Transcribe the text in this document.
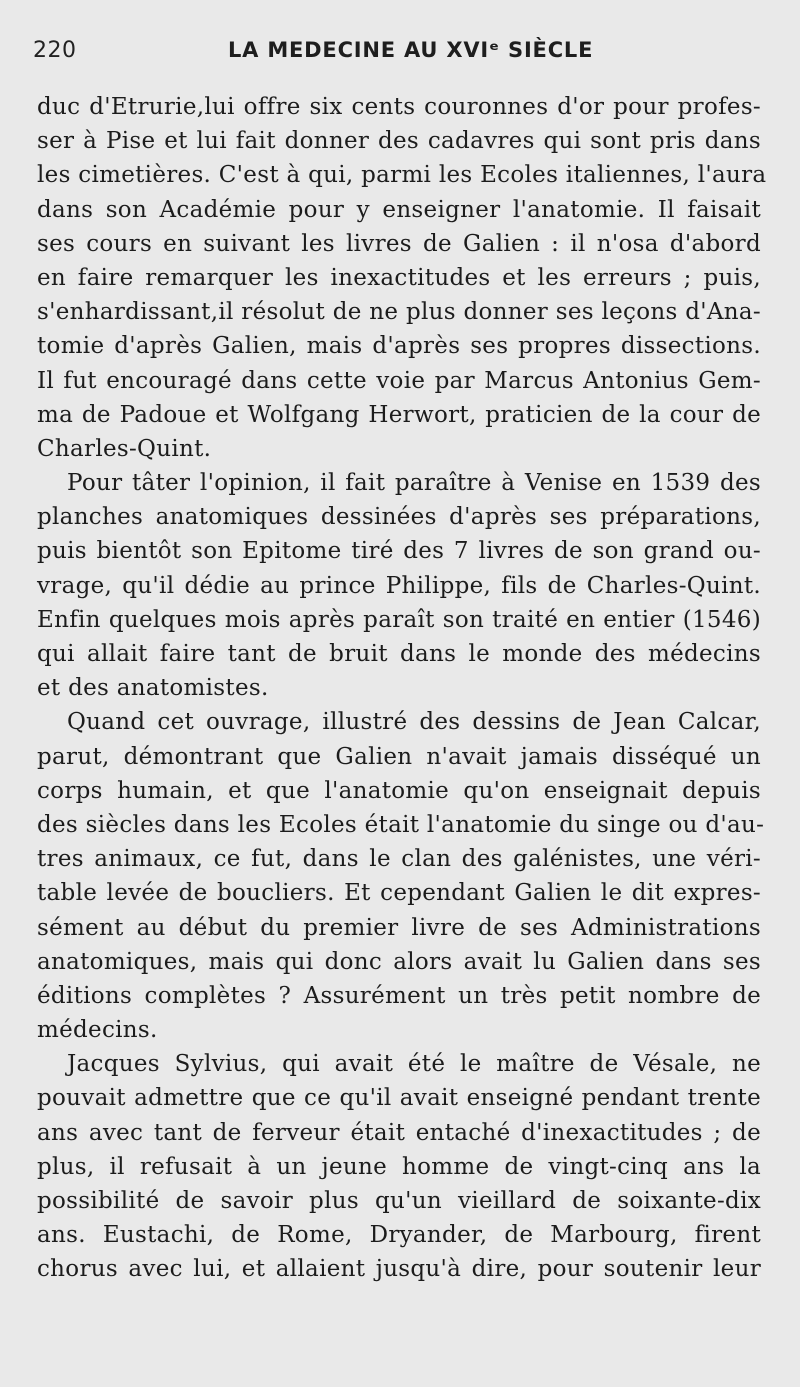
220	LA MEDECINE AU XVIᵉ SIÈCLE
duc d'Etrurie,lui offre six cents couronnes d'or pour profes-
ser à Pise et lui fait donner des cadavres qui sont pris dans
les cimetières. C'est à qui, parmi les Ecoles italiennes, l'aura
dans son Académie pour y enseigner l'anatomie. Il faisait
ses cours en suivant les livres de Galien : il n'osa d'abord
en faire remarquer les inexactitudes et les erreurs ; puis,
s'enhardissant,il résolut de ne plus donner ses leçons d'Ana-
tomie d'après Galien, mais d'après ses propres dissections.
Il fut encouragé dans cette voie par Marcus Antonius Gem-
ma de Padoue et Wolfgang Herwort, praticien de la cour de
Charles-Quint.
Pour tâter l'opinion, il fait paraître à Venise en 1539 des
planches anatomiques dessinées d'après ses préparations,
puis bientôt son Epitome tiré des 7 livres de son grand ou-
vrage, qu'il dédie au prince Philippe, fils de Charles-Quint.
Enfin quelques mois après paraît son traité en entier (1546)
qui allait faire tant de bruit dans le monde des médecins
et des anatomistes.
Quand cet ouvrage, illustré des dessins de Jean Calcar,
parut, démontrant que Galien n'avait jamais disséqué un
corps humain, et que l'anatomie qu'on enseignait depuis
des siècles dans les Ecoles était l'anatomie du singe ou d'au-
tres animaux, ce fut, dans le clan des galénistes, une véri-
table levée de boucliers. Et cependant Galien le dit expres-
sément au début du premier livre de ses Administrations
anatomiques, mais qui donc alors avait lu Galien dans ses
éditions complètes ? Assurément un très petit nombre de
médecins.
Jacques Sylvius, qui avait été le maître de Vésale, ne
pouvait admettre que ce qu'il avait enseigné pendant trente
ans avec tant de ferveur était entaché d'inexactitudes ; de
plus, il refusait à un jeune homme de vingt-cinq ans la
possibilité de savoir plus qu'un vieillard de soixante-dix
ans. Eustachi, de Rome, Dryander, de Marbourg, firent
chorus avec lui, et allaient jusqu'à dire, pour soutenir leur
